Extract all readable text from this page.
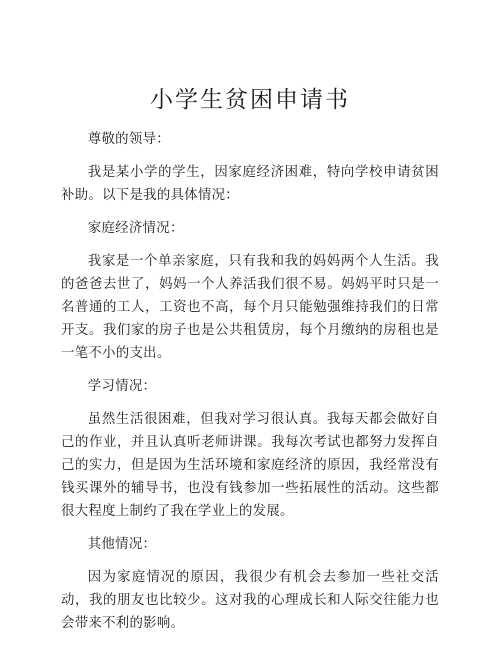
小学生贫困申请书

尊敬的领导：

我是某小学的学生，因家庭经济困难，特向学校申请贫困补助。以下是我的具体情况：

家庭经济情况：

我家是一个单亲家庭，只有我和我的妈妈两个人生活。我的爸爸去世了，妈妈一个人养活我们很不易。妈妈平时只是一名普通的工人，工资也不高，每个月只能勉强维持我们的日常开支。我们家的房子也是公共租赁房，每个月缴纳的房租也是一笔不小的支出。

学习情况：

虽然生活很困难，但我对学习很认真。我每天都会做好自己的作业，并且认真听老师讲课。我每次考试也都努力发挥自己的实力，但是因为生活环境和家庭经济的原因，我经常没有钱买课外的辅导书，也没有钱参加一些拓展性的活动。这些都很大程度上制约了我在学业上的发展。

其他情况：

因为家庭情况的原因，我很少有机会去参加一些社交活动，我的朋友也比较少。这对我的心理成长和人际交往能力也会带来不利的影响。
